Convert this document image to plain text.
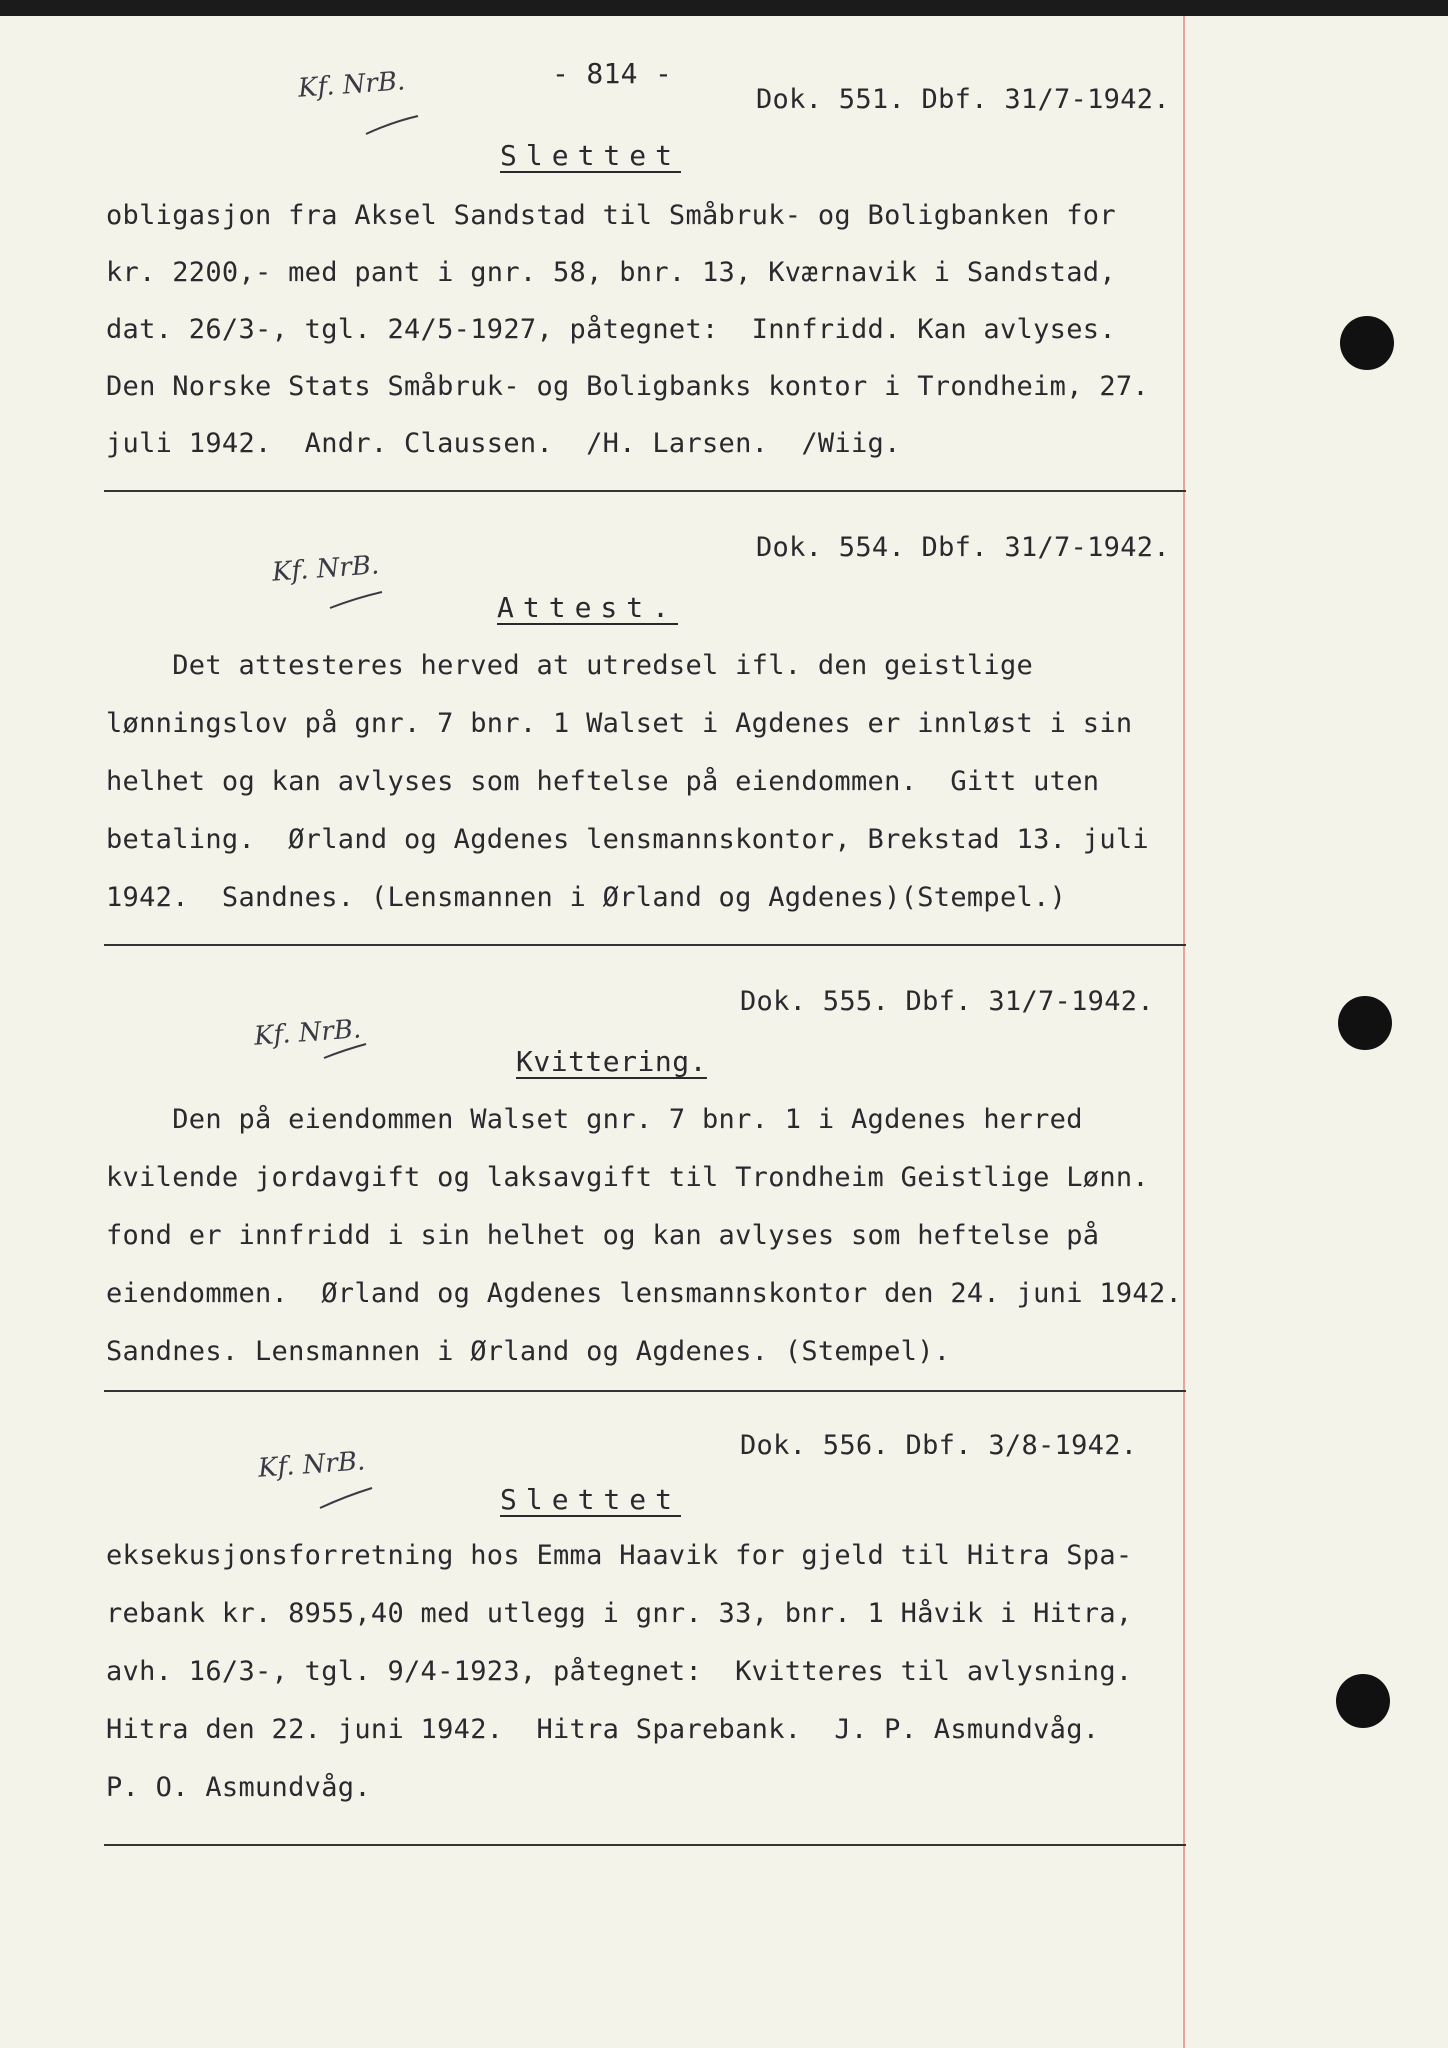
- 814 -
Kf. NrB.	Dok. 551. Dbf. 31/7-1942.
Slettet
obligasjon fra Aksel Sandstad til Småbruk- og Boligbanken for
kr. 2200,- med pant i gnr. 58, bnr. 13, Kværnavik i Sandstad,
dat. 26/3-, tgl. 24/5-1927, påtegnet:  Innfridd. Kan avlyses.
Den Norske Stats Småbruk- og Boligbanks kontor i Trondheim, 27.
juli 1942.  Andr. Claussen.  /H. Larsen.  /Wiig.
Dok. 554. Dbf. 31/7-1942.
Kf. NrB.
Attest.
Det attesteres herved at utredsel ifl. den geistlige
lønningslov på gnr. 7 bnr. 1 Walset i Agdenes er innløst i sin
helhet og kan avlyses som heftelse på eiendommen.  Gitt uten
betaling.  Ørland og Agdenes lensmannskontor, Brekstad 13. juli
1942.  Sandnes. (Lensmannen i Ørland og Agdenes)(Stempel.)
Dok. 555. Dbf. 31/7-1942.
Kf. NrB.
Kvittering.
Den på eiendommen Walset gnr. 7 bnr. 1 i Agdenes herred
kvilende jordavgift og laksavgift til Trondheim Geistlige Lønn.
fond er innfridd i sin helhet og kan avlyses som heftelse på
eiendommen.  Ørland og Agdenes lensmannskontor den 24. juni 1942.
Sandnes. Lensmannen i Ørland og Agdenes. (Stempel).
Dok. 556. Dbf. 3/8-1942.
Kf. NrB.
Slettet
eksekusjonsforretning hos Emma Haavik for gjeld til Hitra Spa-
rebank kr. 8955,40 med utlegg i gnr. 33, bnr. 1 Håvik i Hitra,
avh. 16/3-, tgl. 9/4-1923, påtegnet:  Kvitteres til avlysning.
Hitra den 22. juni 1942.  Hitra Sparebank.  J. P. Asmundvåg.
P. O. Asmundvåg.
